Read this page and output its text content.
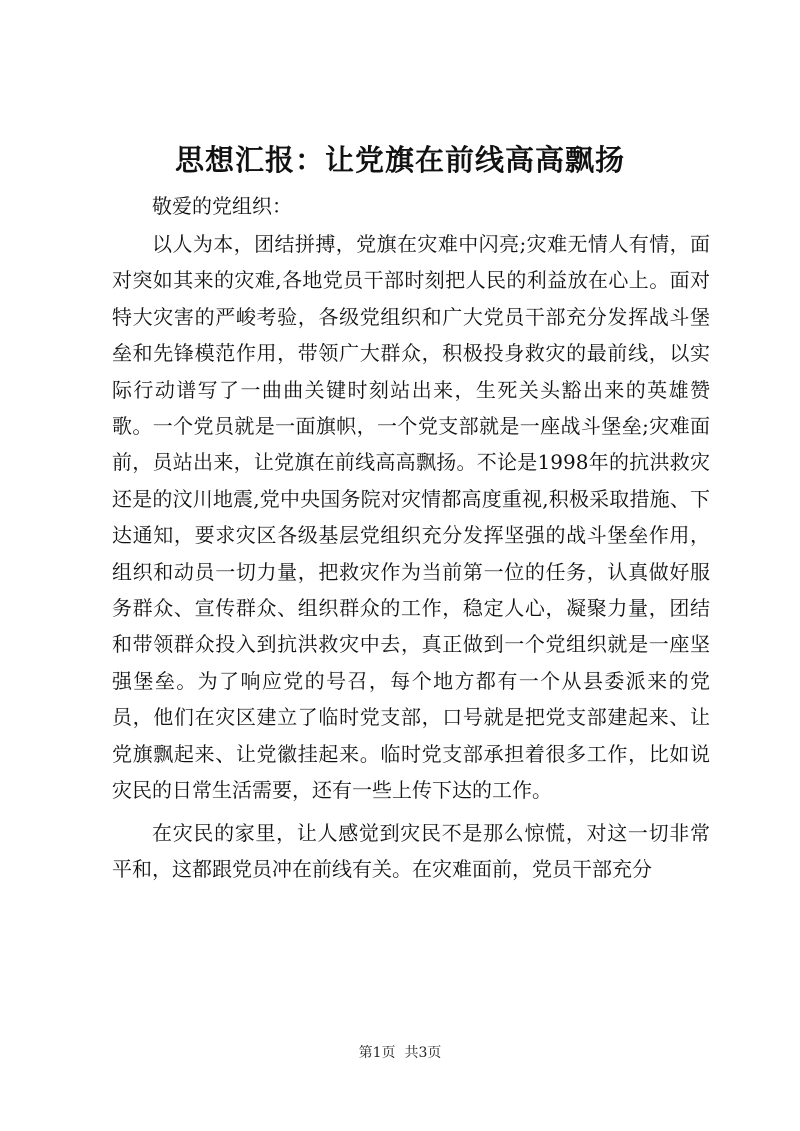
思想汇报：让党旗在前线高高飘扬

敬爱的党组织：

以人为本，团结拼搏，党旗在灾难中闪亮;灾难无情人有情，面对突如其来的灾难,各地党员干部时刻把人民的利益放在心上。面对特大灾害的严峻考验，各级党组织和广大党员干部充分发挥战斗堡垒和先锋模范作用，带领广大群众，积极投身救灾的最前线，以实际行动谱写了一曲曲关键时刻站出来，生死关头豁出来的英雄赞歌。一个党员就是一面旗帜，一个党支部就是一座战斗堡垒;灾难面前，员站出来，让党旗在前线高高飘扬。不论是1998年的抗洪救灾还是的汶川地震,党中央国务院对灾情都高度重视,积极采取措施、下达通知，要求灾区各级基层党组织充分发挥坚强的战斗堡垒作用，组织和动员一切力量，把救灾作为当前第一位的任务，认真做好服务群众、宣传群众、组织群众的工作，稳定人心，凝聚力量，团结和带领群众投入到抗洪救灾中去，真正做到一个党组织就是一座坚强堡垒。为了响应党的号召，每个地方都有一个从县委派来的党员，他们在灾区建立了临时党支部，口号就是把党支部建起来、让党旗飘起来、让党徽挂起来。临时党支部承担着很多工作，比如说灾民的日常生活需要，还有一些上传下达的工作。

在灾民的家里，让人感觉到灾民不是那么惊慌，对这一切非常平和，这都跟党员冲在前线有关。在灾难面前，党员干部充分

第1页  共3页
